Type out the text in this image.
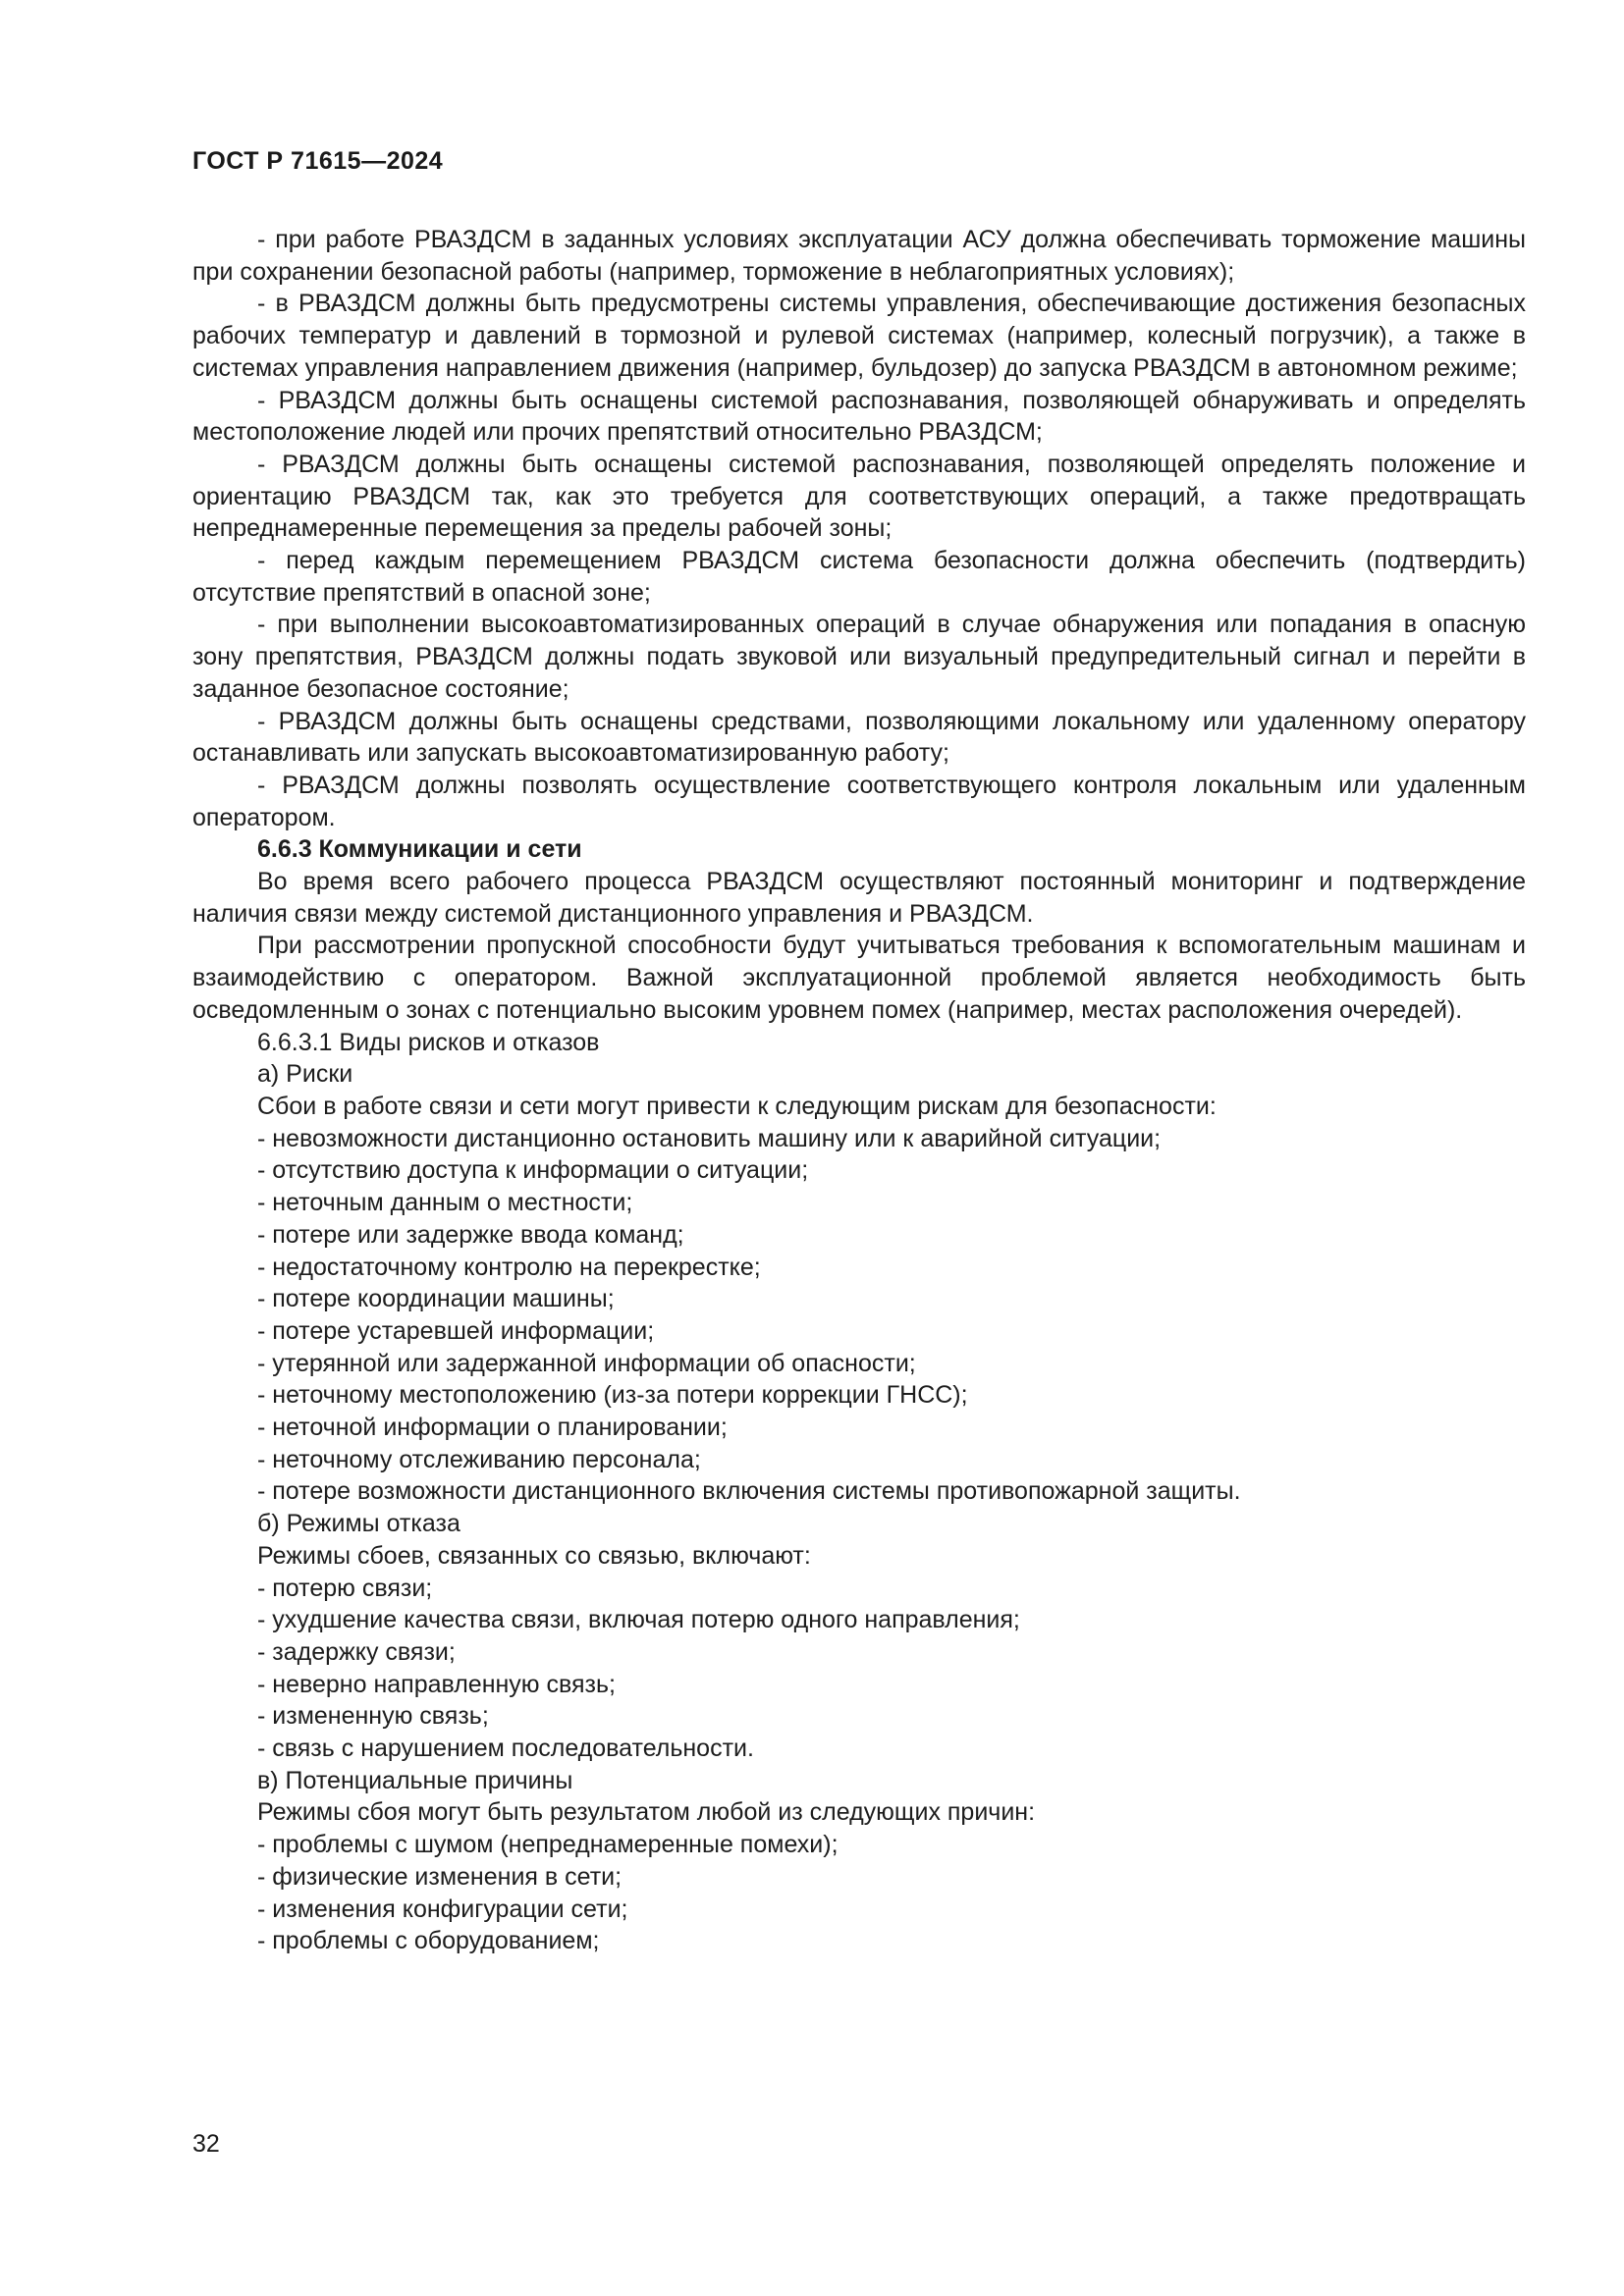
ГОСТ Р 71615—2024

- при работе РВАЗДСМ в заданных условиях эксплуатации АСУ должна обеспечивать торможение машины при сохранении безопасной работы (например, торможение в неблагоприятных условиях);

- в РВАЗДСМ должны быть предусмотрены системы управления, обеспечивающие достижения безопасных рабочих температур и давлений в тормозной и рулевой системах (например, колесный погрузчик), а также в системах управления направлением движения (например, бульдозер) до запуска РВАЗДСМ в автономном режиме;

- РВАЗДСМ должны быть оснащены системой распознавания, позволяющей обнаруживать и определять местоположение людей или прочих препятствий относительно РВАЗДСМ;

- РВАЗДСМ должны быть оснащены системой распознавания, позволяющей определять положение и ориентацию РВАЗДСМ так, как это требуется для соответствующих операций, а также предотвращать непреднамеренные перемещения за пределы рабочей зоны;

- перед каждым перемещением РВАЗДСМ система безопасности должна обеспечить (подтвердить) отсутствие препятствий в опасной зоне;

- при выполнении высокоавтоматизированных операций в случае обнаружения или попадания в опасную зону препятствия, РВАЗДСМ должны подать звуковой или визуальный предупредительный сигнал и перейти в заданное безопасное состояние;

- РВАЗДСМ должны быть оснащены средствами, позволяющими локальному или удаленному оператору останавливать или запускать высокоавтоматизированную работу;

- РВАЗДСМ должны позволять осуществление соответствующего контроля локальным или удаленным оператором.

6.6.3 Коммуникации и сети

Во время всего рабочего процесса РВАЗДСМ осуществляют постоянный мониторинг и подтверждение наличия связи между системой дистанционного управления и РВАЗДСМ.

При рассмотрении пропускной способности будут учитываться требования к вспомогательным машинам и взаимодействию с оператором. Важной эксплуатационной проблемой является необходимость быть осведомленным о зонах с потенциально высоким уровнем помех (например, местах расположения очередей).

6.6.3.1 Виды рисков и отказов

а) Риски

Сбои в работе связи и сети могут привести к следующим рискам для безопасности:

- невозможности дистанционно остановить машину или к аварийной ситуации;

- отсутствию доступа к информации о ситуации;

- неточным данным о местности;

- потере или задержке ввода команд;

- недостаточному контролю на перекрестке;

- потере координации машины;

- потере устаревшей информации;

- утерянной или задержанной информации об опасности;

- неточному местоположению (из-за потери коррекции ГНСС);

- неточной информации о планировании;

- неточному отслеживанию персонала;

- потере возможности дистанционного включения системы противопожарной защиты.

б) Режимы отказа

Режимы сбоев, связанных со связью, включают:

- потерю связи;

- ухудшение качества связи, включая потерю одного направления;

- задержку связи;

- неверно направленную связь;

- измененную связь;

- связь с нарушением последовательности.

в) Потенциальные причины

Режимы сбоя могут быть результатом любой из следующих причин:

- проблемы с шумом (непреднамеренные помехи);

- физические изменения в сети;

- изменения конфигурации сети;

- проблемы с оборудованием;

32
